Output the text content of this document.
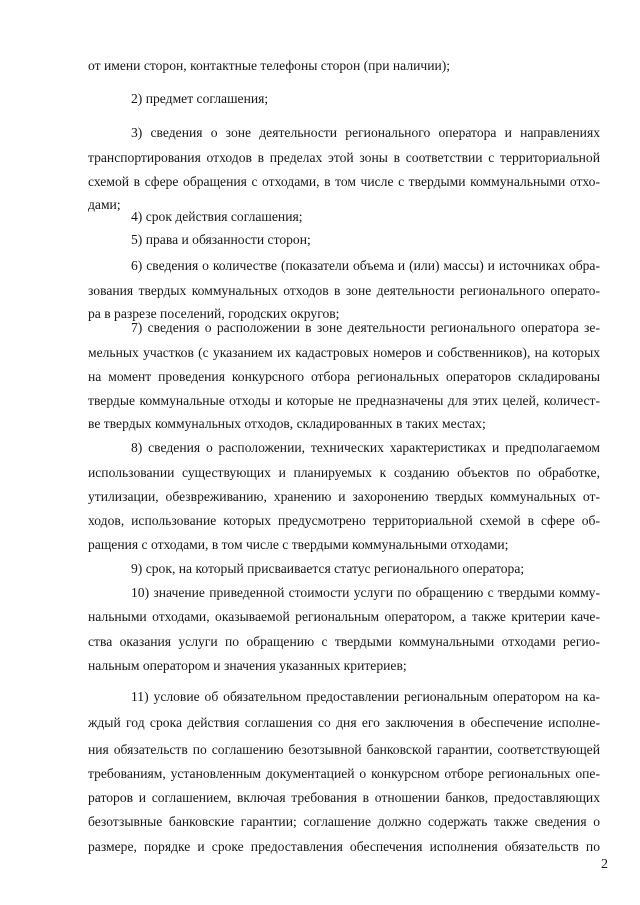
от имени сторон, контактные телефоны сторон (при наличии);
2) предмет соглашения;
3) сведения о зоне деятельности регионального оператора и направлениях
транспортирования отходов в пределах этой зоны в соответствии с территориальной
схемой в сфере обращения с отходами, в том числе с твердыми коммунальными отхо-
дами;
4) срок действия соглашения;
5) права и обязанности сторон;
6) сведения о количестве (показатели объема и (или) массы) и источниках обра-
зования твердых коммунальных отходов в зоне деятельности регионального операто-
ра в разрезе поселений, городских округов;
7) сведения о расположении в зоне деятельности регионального оператора зе-
мельных участков (с указанием их кадастровых номеров и собственников), на которых
на момент проведения конкурсного отбора региональных операторов складированы
твердые коммунальные отходы и которые не предназначены для этих целей, количест-
ве твердых коммунальных отходов, складированных в таких местах;
8) сведения о расположении, технических характеристиках и предполагаемом
использовании существующих и планируемых к созданию объектов по обработке,
утилизации, обезвреживанию, хранению и захоронению твердых коммунальных от-
ходов, использование которых предусмотрено территориальной схемой в сфере об-
ращения с отходами, в том числе с твердыми коммунальными отходами;
9) срок, на который присваивается статус регионального оператора;
10) значение приведенной стоимости услуги по обращению с твердыми комму-
нальными отходами, оказываемой региональным оператором, а также критерии каче-
ства оказания услуги по обращению с твердыми коммунальными отходами регио-
нальным оператором и значения указанных критериев;
11) условие об обязательном предоставлении региональным оператором на ка-
ждый год срока действия соглашения со дня его заключения в обеспечение исполне-
ния обязательств по соглашению безотзывной банковской гарантии, соответствующей
требованиям, установленным документацией о конкурсном отборе региональных опе-
раторов и соглашением, включая требования в отношении банков, предоставляющих
безотзывные банковские гарантии; соглашение должно содержать также сведения о
размере, порядке и сроке предоставления обеспечения исполнения обязательств по
2
